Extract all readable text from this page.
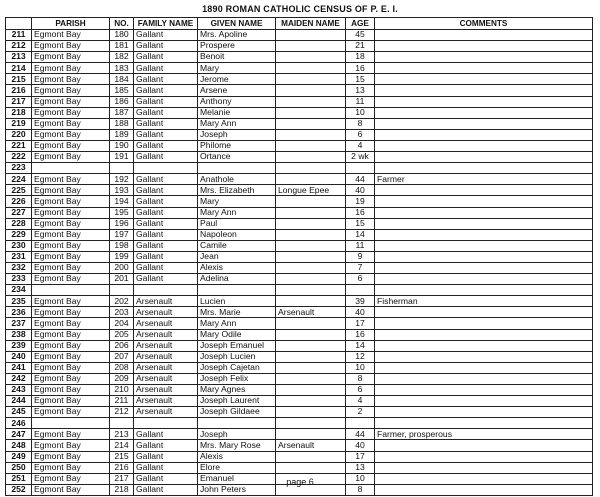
1890 ROMAN CATHOLIC CENSUS OF P. E. I.
	PARISH	NO.	FAMILY NAME	GIVEN NAME	MAIDEN NAME	AGE	COMMENTS
211	Egmont Bay	180	Gallant	Mrs. Apoline		45	
212	Egmont Bay	181	Gallant	Prospere		21	
213	Egmont Bay	182	Gallant	Benoit		18	
214	Egmont Bay	183	Gallant	Mary		16	
215	Egmont Bay	184	Gallant	Jerome		15	
216	Egmont Bay	185	Gallant	Arsene		13	
217	Egmont Bay	186	Gallant	Anthony		11	
218	Egmont Bay	187	Gallant	Melanie		10	
219	Egmont Bay	188	Gallant	Mary Ann		8	
220	Egmont Bay	189	Gallant	Joseph		6	
221	Egmont Bay	190	Gallant	Philome		4	
222	Egmont Bay	191	Gallant	Ortance		2 wk	
223							
224	Egmont Bay	192	Gallant	Anathole		44	Farmer
225	Egmont Bay	193	Gallant	Mrs. Elizabeth	Longue Epee	40	
226	Egmont Bay	194	Gallant	Mary		19	
227	Egmont Bay	195	Gallant	Mary Ann		16	
228	Egmont Bay	196	Gallant	Paul		15	
229	Egmont Bay	197	Gallant	Napoleon		14	
230	Egmont Bay	198	Gallant	Camile		11	
231	Egmont Bay	199	Gallant	Jean		9	
232	Egmont Bay	200	Gallant	Alexis		7	
233	Egmont Bay	201	Gallant	Adelina		6	
234							
235	Egmont Bay	202	Arsenault	Lucien		39	Fisherman
236	Egmont Bay	203	Arsenault	Mrs. Marie	Arsenault	40	
237	Egmont Bay	204	Arsenault	Mary Ann		17	
238	Egmont Bay	205	Arsenault	Mary Odile		16	
239	Egmont Bay	206	Arsenault	Joseph Emanuel		14	
240	Egmont Bay	207	Arsenault	Joseph Lucien		12	
241	Egmont Bay	208	Arsenault	Joseph Cajetan		10	
242	Egmont Bay	209	Arsenault	Joseph Felix		8	
243	Egmont Bay	210	Arsenault	Mary Agnes		6	
244	Egmont Bay	211	Arsenault	Joseph Laurent		4	
245	Egmont Bay	212	Arsenault	Joseph Gildaee		2	
246							
247	Egmont Bay	213	Gallant	Joseph		44	Farmer, prosperous
248	Egmont Bay	214	Gallant	Mrs. Mary Rose	Arsenault	40	
249	Egmont Bay	215	Gallant	Alexis		17	
250	Egmont Bay	216	Gallant	Elore		13	
251	Egmont Bay	217	Gallant	Emanuel		10	
252	Egmont Bay	218	Gallant	John Peters		8	
page 6
